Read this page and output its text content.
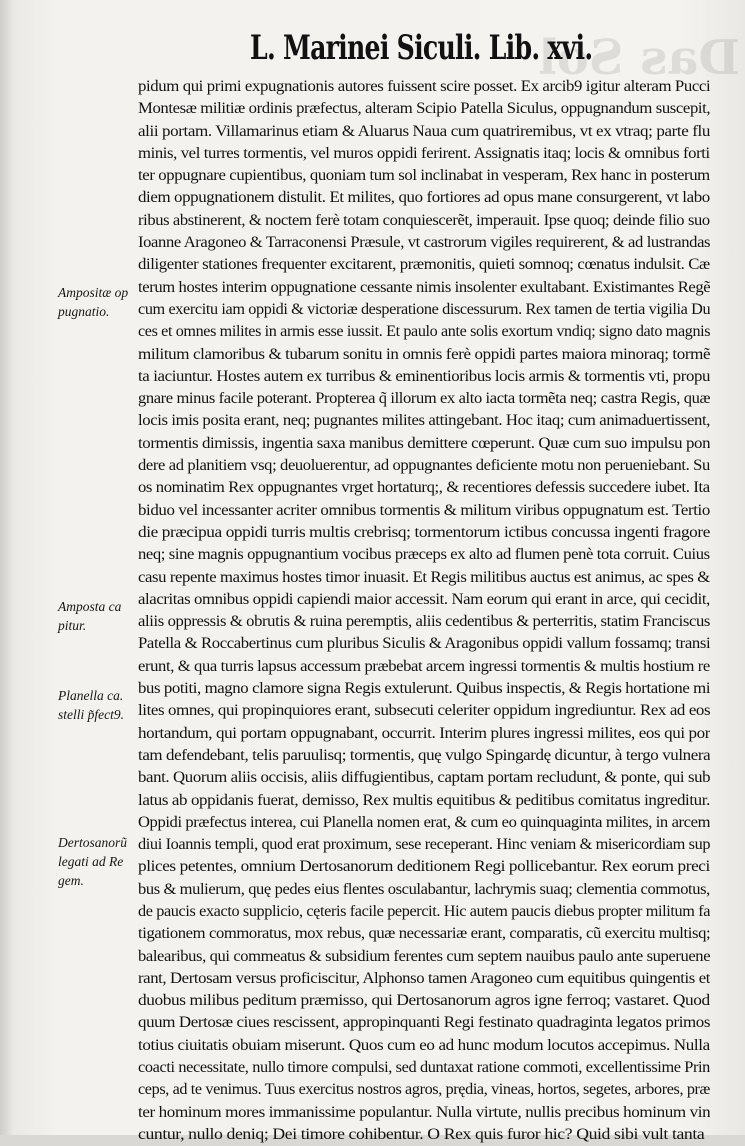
Das Sol
L. Marinei Siculi. Lib. xvi.
pidum qui primi expugnationis autores fuissent scire posset. Ex arcib9 igitur alteram Pucci
Montesæ militiæ ordinis præfectus, alteram Scipio Patella Siculus, oppugnandum suscepit,
alii portam. Villamarinus etiam & Aluarus Naua cum quatriremibus, vt ex vtraq; parte flu
minis, vel turres tormentis, vel muros oppidi ferirent. Assignatis itaq; locis & omnibus forti
ter oppugnare cupientibus, quoniam tum sol inclinabat in vesperam, Rex hanc in posterum
diem oppugnationem distulit. Et milites, quo fortiores ad opus mane consurgerent, vt labo
ribus abstinerent, & noctem ferè totam conquiescerẽt, imperauit. Ipse quoq; deinde filio suo
Ioanne Aragoneo & Tarraconensi Præsule, vt castrorum vigiles requirerent, & ad lustrandas
diligenter stationes frequenter excitarent, præmonitis, quieti somnoq; cœnatus indulsit. Cæ
terum hostes interim oppugnatione cessante nimis insolenter exultabant. Existimantes Regẽ
cum exercitu iam oppidi & victoriæ desperatione discessurum. Rex tamen de tertia vigilia Du
ces et omnes milites in armis esse iussit. Et paulo ante solis exortum vndiq; signo dato magnis
militum clamoribus & tubarum sonitu in omnis ferè oppidi partes maiora minoraq; tormẽ
ta iaciuntur. Hostes autem ex turribus & eminentioribus locis armis & tormentis vti, propu
gnare minus facile poterant. Propterea q̃ illorum ex alto iacta tormẽta neq; castra Regis, quæ
locis imis posita erant, neq; pugnantes milites attingebant. Hoc itaq; cum animaduertissent,
tormentis dimissis, ingentia saxa manibus demittere cœperunt. Quæ cum suo impulsu pon
dere ad planitiem vsq; deuoluerentur, ad oppugnantes deficiente motu non perueniebant. Su
os nominatim Rex oppugnantes vrget hortaturq;, & recentiores defessis succedere iubet. Ita
biduo vel incessanter acriter omnibus tormentis & militum viribus oppugnatum est. Tertio
die præcipua oppidi turris multis crebrisq; tormentorum ictibus concussa ingenti fragore
neq; sine magnis oppugnantium vocibus præceps ex alto ad flumen penè tota corruit. Cuius
casu repente maximus hostes timor inuasit. Et Regis militibus auctus est animus, ac spes &
alacritas omnibus oppidi capiendi maior accessit. Nam eorum qui erant in arce, qui cecidit,
aliis oppressis & obrutis & ruina peremptis, aliis cedentibus & perterritis, statim Franciscus
Patella & Roccabertinus cum pluribus Siculis & Aragonibus oppidi vallum fossamq; transi
erunt, & qua turris lapsus accessum præbebat arcem ingressi tormentis & multis hostium re
bus potiti, magno clamore signa Regis extulerunt. Quibus inspectis, & Regis hortatione mi
lites omnes, qui propinquiores erant, subsecuti celeriter oppidum ingrediuntur. Rex ad eos
hortandum, qui portam oppugnabant, occurrit. Interim plures ingressi milites, eos qui por
tam defendebant, telis paruulisq; tormentis, quę vulgo Spingardę dicuntur, à tergo vulnera
bant. Quorum aliis occisis, aliis diffugientibus, captam portam recludunt, & ponte, qui sub
latus ab oppidanis fuerat, demisso, Rex multis equitibus & peditibus comitatus ingreditur.
Oppidi præfectus interea, cui Planella nomen erat, & cum eo quinquaginta milites, in arcem
diui Ioannis templi, quod erat proximum, sese receperant. Hinc veniam & misericordiam sup
plices petentes, omnium Dertosanorum deditionem Regi pollicebantur. Rex eorum preci
bus & mulierum, quę pedes eius flentes osculabantur, lachrymis suaq; clementia commotus,
de paucis exacto supplicio, cęteris facile pepercit. Hic autem paucis diebus propter militum fa
tigationem commoratus, mox rebus, quæ necessariæ erant, comparatis, cũ exercitu multisq;
balearibus, qui commeatus & subsidium ferentes cum septem nauibus paulo ante superuene
rant, Dertosam versus proficiscitur, Alphonso tamen Aragoneo cum equitibus quingentis et
duobus milibus peditum præmisso, qui Dertosanorum agros igne ferroq; vastaret. Quod
quum Dertosæ ciues rescissent, appropinquanti Regi festinato quadraginta legatos primos
totius ciuitatis obuiam miserunt. Quos cum eo ad hunc modum locutos accepimus. Nulla
coacti necessitate, nullo timore compulsi, sed duntaxat ratione commoti, excellentissime Prin
ceps, ad te venimus. Tuus exercitus nostros agros, prędia, vineas, hortos, segetes, arbores, præ
ter hominum mores immanissime populantur. Nulla virtute, nullis precibus hominum vin
cuntur, nullo deniq; Dei timore cohibentur. O Rex quis furor hic? Quid sibi vult tanta
Ampositæ op
pugnatio.
Amposta ca
pitur.
Planella ca.
stelli p̃fect9.
Dertosanorũ
legati ad Re
gem.
